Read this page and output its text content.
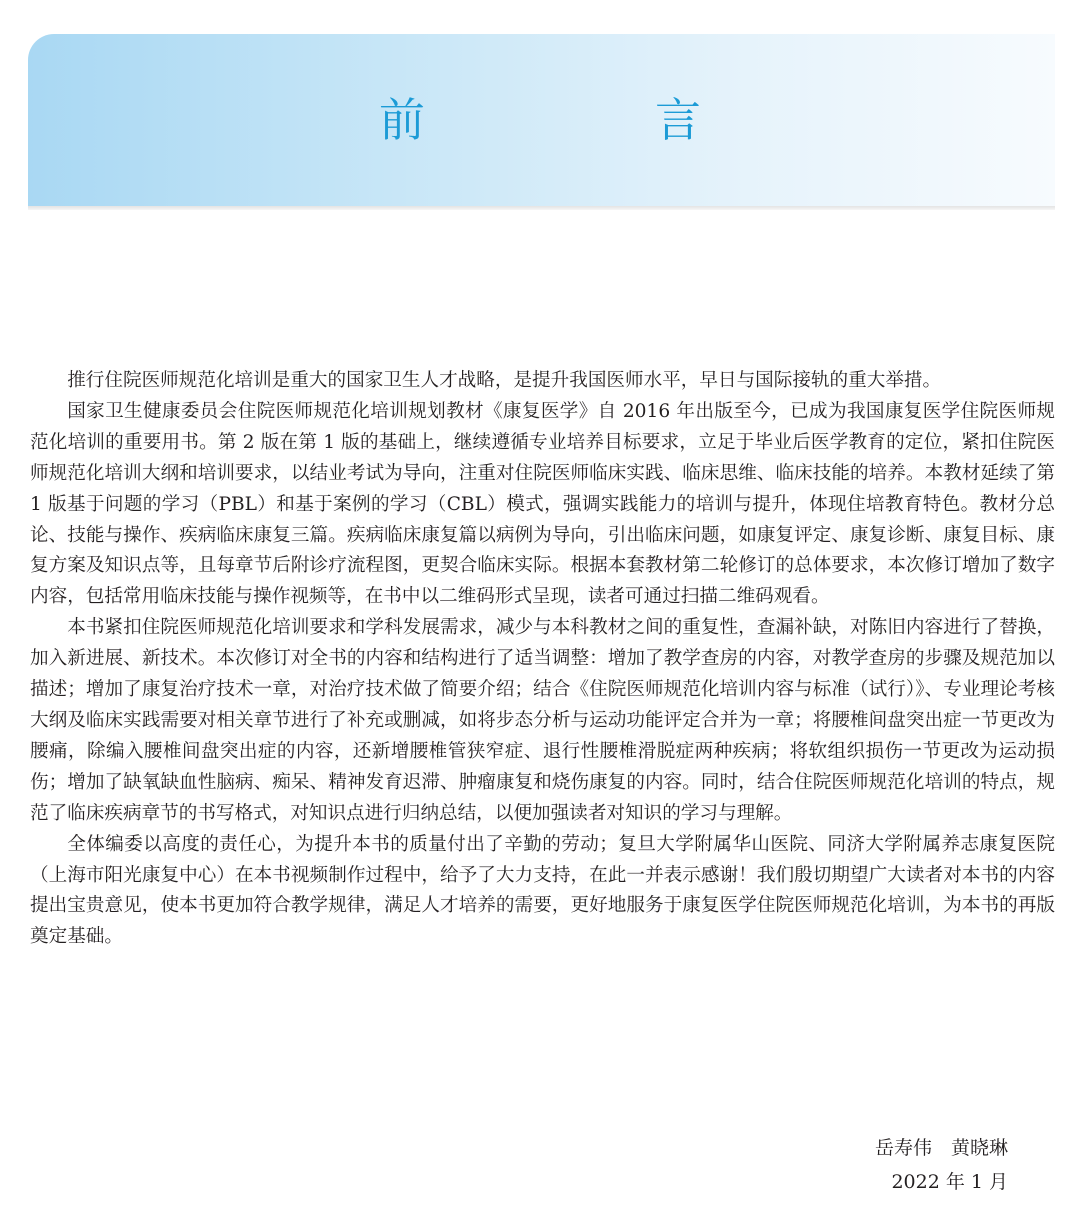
前　言

推行住院医师规范化培训是重大的国家卫生人才战略，是提升我国医师水平，早日与国际接轨的重大举措。

国家卫生健康委员会住院医师规范化培训规划教材《康复医学》自 2016 年出版至今，已成为我国康复医学住院医师规范化培训的重要用书。第 2 版在第 1 版的基础上，继续遵循专业培养目标要求，立足于毕业后医学教育的定位，紧扣住院医师规范化培训大纲和培训要求，以结业考试为导向，注重对住院医师临床实践、临床思维、临床技能的培养。本教材延续了第 1 版基于问题的学习（PBL）和基于案例的学习（CBL）模式，强调实践能力的培训与提升，体现住培教育特色。教材分总论、技能与操作、疾病临床康复三篇。疾病临床康复篇以病例为导向，引出临床问题，如康复评定、康复诊断、康复目标、康复方案及知识点等，且每章节后附诊疗流程图，更契合临床实际。根据本套教材第二轮修订的总体要求，本次修订增加了数字内容，包括常用临床技能与操作视频等，在书中以二维码形式呈现，读者可通过扫描二维码观看。

本书紧扣住院医师规范化培训要求和学科发展需求，减少与本科教材之间的重复性，查漏补缺，对陈旧内容进行了替换，加入新进展、新技术。本次修订对全书的内容和结构进行了适当调整：增加了教学查房的内容，对教学查房的步骤及规范加以描述；增加了康复治疗技术一章，对治疗技术做了简要介绍；结合《住院医师规范化培训内容与标准（试行）》、专业理论考核大纲及临床实践需要对相关章节进行了补充或删减，如将步态分析与运动功能评定合并为一章；将腰椎间盘突出症一节更改为腰痛，除编入腰椎间盘突出症的内容，还新增腰椎管狭窄症、退行性腰椎滑脱症两种疾病；将软组织损伤一节更改为运动损伤；增加了缺氧缺血性脑病、痴呆、精神发育迟滞、肿瘤康复和烧伤康复的内容。同时，结合住院医师规范化培训的特点，规范了临床疾病章节的书写格式，对知识点进行归纳总结，以便加强读者对知识的学习与理解。

全体编委以高度的责任心，为提升本书的质量付出了辛勤的劳动；复旦大学附属华山医院、同济大学附属养志康复医院（上海市阳光康复中心）在本书视频制作过程中，给予了大力支持，在此一并表示感谢！我们殷切期望广大读者对本书的内容提出宝贵意见，使本书更加符合教学规律，满足人才培养的需要，更好地服务于康复医学住院医师规范化培训，为本书的再版奠定基础。

岳寿伟　黄晓琳
2022 年 1 月
